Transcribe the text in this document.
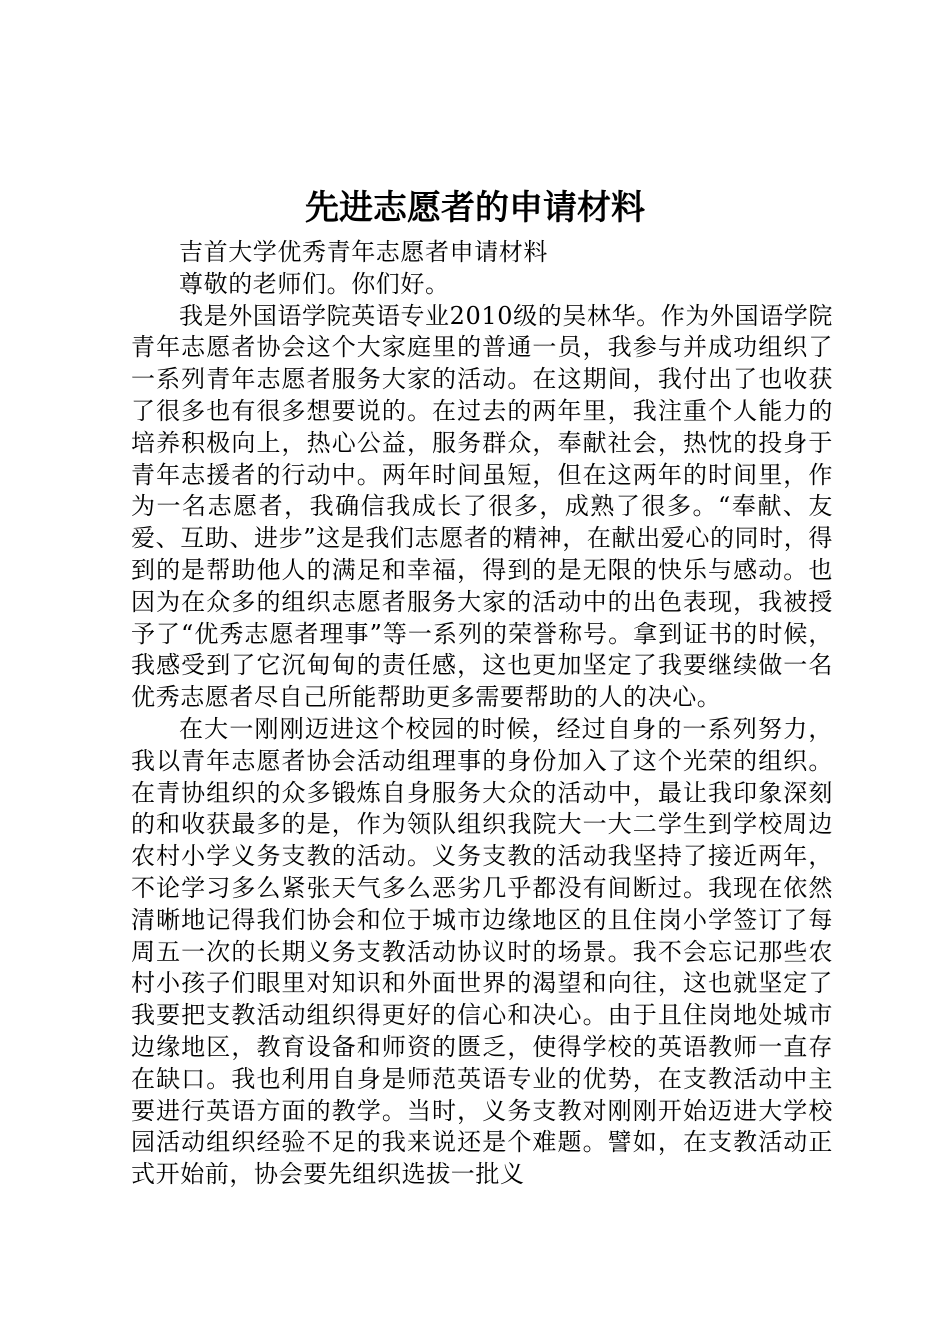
先进志愿者的申请材料

吉首大学优秀青年志愿者申请材料

尊敬的老师们。你们好。

我是外国语学院英语专业2010级的吴林华。作为外国语学院青年志愿者协会这个大家庭里的普通一员，我参与并成功组织了一系列青年志愿者服务大家的活动。在这期间，我付出了也收获了很多也有很多想要说的。在过去的两年里，我注重个人能力的培养积极向上，热心公益，服务群众，奉献社会，热忱的投身于青年志援者的行动中。两年时间虽短，但在这两年的时间里，作为一名志愿者，我确信我成长了很多，成熟了很多。“奉献、友爱、互助、进步”这是我们志愿者的精神，在献出爱心的同时，得到的是帮助他人的满足和幸福，得到的是无限的快乐与感动。也因为在众多的组织志愿者服务大家的活动中的出色表现，我被授予了“优秀志愿者理事”等一系列的荣誉称号。拿到证书的时候，我感受到了它沉甸甸的责任感，这也更加坚定了我要继续做一名优秀志愿者尽自己所能帮助更多需要帮助的人的决心。

在大一刚刚迈进这个校园的时候，经过自身的一系列努力，我以青年志愿者协会活动组理事的身份加入了这个光荣的组织。在青协组织的众多锻炼自身服务大众的活动中，最让我印象深刻的和收获最多的是，作为领队组织我院大一大二学生到学校周边农村小学义务支教的活动。义务支教的活动我坚持了接近两年，不论学习多么紧张天气多么恶劣几乎都没有间断过。我现在依然清晰地记得我们协会和位于城市边缘地区的且住岗小学签订了每周五一次的长期义务支教活动协议时的场景。我不会忘记那些农村小孩子们眼里对知识和外面世界的渴望和向往，这也就坚定了我要把支教活动组织得更好的信心和决心。由于且住岗地处城市边缘地区，教育设备和师资的匮乏，使得学校的英语教师一直存在缺口。我也利用自身是师范英语专业的优势，在支教活动中主要进行英语方面的教学。当时，义务支教对刚刚开始迈进大学校园活动组织经验不足的我来说还是个难题。譬如，在支教活动正式开始前，协会要先组织选拔一批义
